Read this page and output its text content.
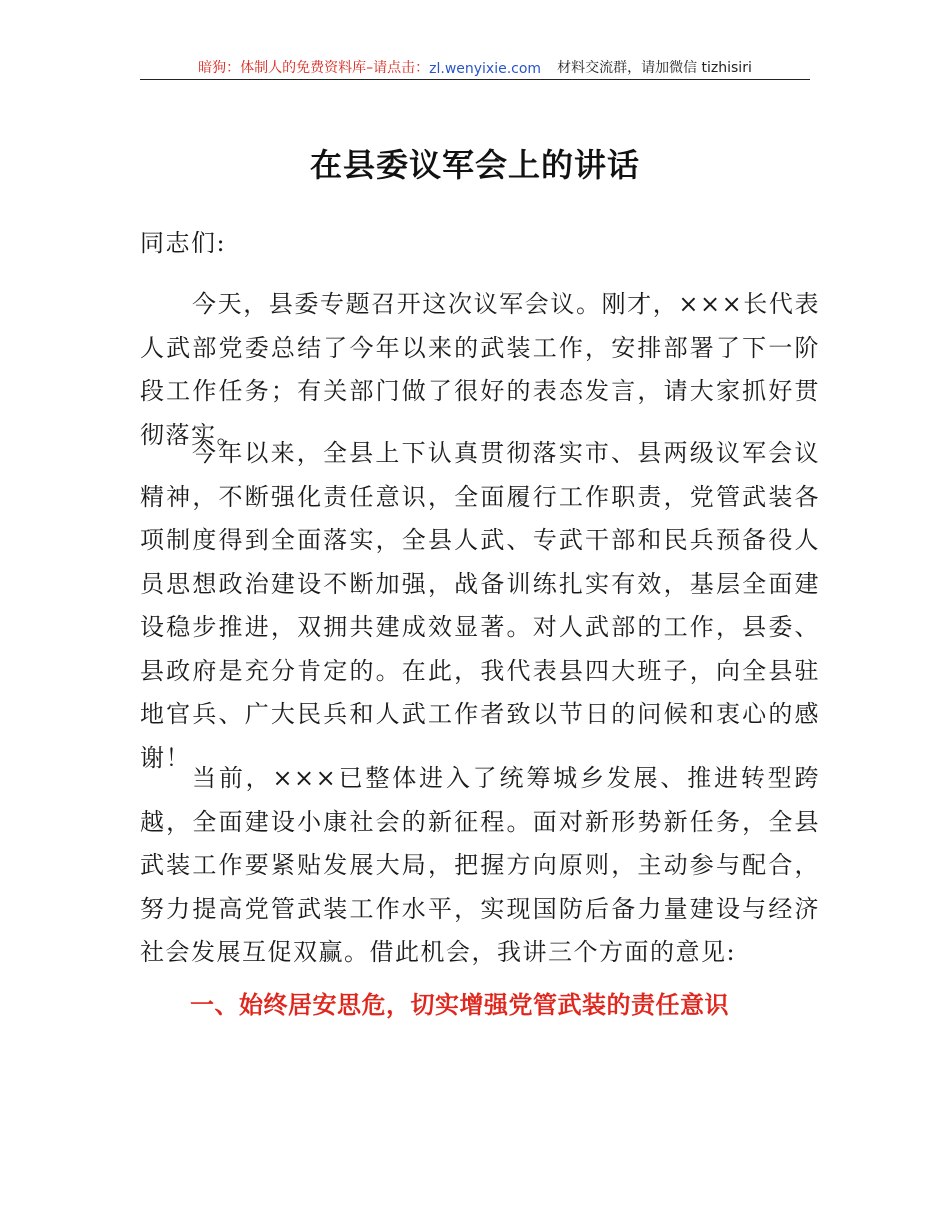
暗狗：体制人的免费资料库 –请点击： zl.wenyixie.com 材料交流群，请加微信 tizhisiri
在县委议军会上的讲话
同志们:
今天，县委专题召开这次议军会议。刚才，×××长代表人武部党委总结了今年以来的武装工作，安排部署了下一阶段工作任务；有关部门做了很好的表态发言，请大家抓好贯彻落实。
今年以来，全县上下认真贯彻落实市、县两级议军会议精神，不断强化责任意识，全面履行工作职责，党管武装各项制度得到全面落实，全县人武、专武干部和民兵预备役人员思想政治建设不断加强，战备训练扎实有效，基层全面建设稳步推进，双拥共建成效显著。对人武部的工作，县委、县政府是充分肯定的。在此，我代表县四大班子，向全县驻地官兵、广大民兵和人武工作者致以节日的问候和衷心的感谢！
当前，×××已整体进入了统筹城乡发展、推进转型跨越，全面建设小康社会的新征程。面对新形势新任务，全县武装工作要紧贴发展大局，把握方向原则，主动参与配合，努力提高党管武装工作水平，实现国防后备力量建设与经济社会发展互促双赢。借此机会，我讲三个方面的意见:
一、始终居安思危，切实增强党管武装的责任意识
